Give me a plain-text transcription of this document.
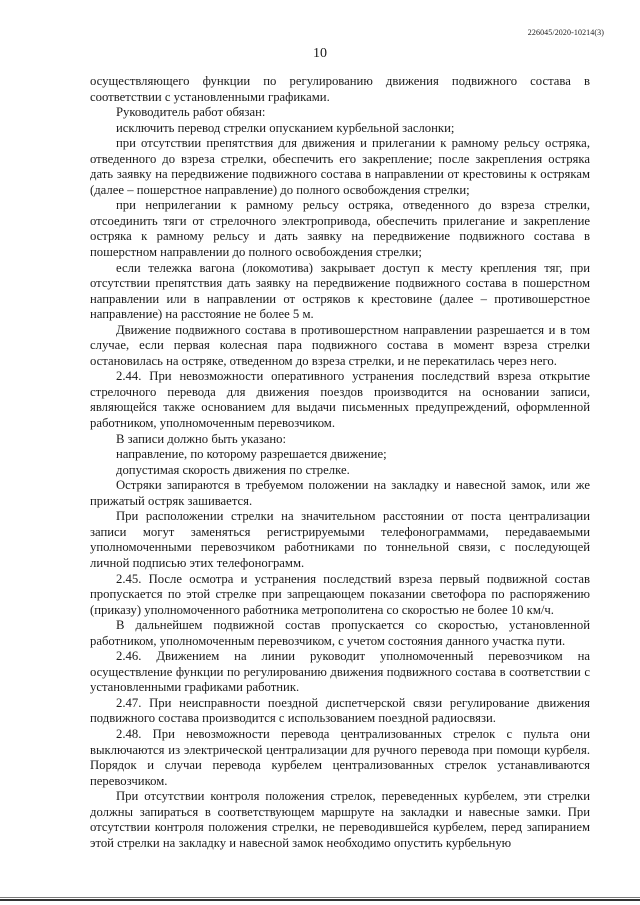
226045/2020-10214(3)
10

осуществляющего функции по регулированию движения подвижного состава в соответствии с установленными графиками.

Руководитель работ обязан:

исключить перевод стрелки опусканием курбельной заслонки;

при отсутствии препятствия для движения и прилегании к рамному рельсу остряка, отведенного до взреза стрелки, обеспечить его закрепление; после закрепления остряка дать заявку на передвижение подвижного состава в направлении от крестовины к острякам (далее – пошерстное направление) до полного освобождения стрелки;

при неприлегании к рамному рельсу остряка, отведенного до взреза стрелки, отсоединить тяги от стрелочного электропривода, обеспечить прилегание и закрепление остряка к рамному рельсу и дать заявку на передвижение подвижного состава в пошерстном направлении до полного освобождения стрелки;

если тележка вагона (локомотива) закрывает доступ к месту крепления тяг, при отсутствии препятствия дать заявку на передвижение подвижного состава в пошерстном направлении или в направлении от остряков к крестовине (далее – противошерстное направление) на расстояние не более 5 м.

Движение подвижного состава в противошерстном направлении разрешается и в том случае, если первая колесная пара подвижного состава в момент взреза стрелки остановилась на остряке, отведенном до взреза стрелки, и не перекатилась через него.

2.44. При невозможности оперативного устранения последствий взреза открытие стрелочного перевода для движения поездов производится на основании записи, являющейся также основанием для выдачи письменных предупреждений, оформленной работником, уполномоченным перевозчиком.

В записи должно быть указано:

направление, по которому разрешается движение;

допустимая скорость движения по стрелке.

Остряки запираются в требуемом положении на закладку и навесной замок, или же прижатый остряк зашивается.

При расположении стрелки на значительном расстоянии от поста централизации записи могут заменяться регистрируемыми телефонограммами, передаваемыми уполномоченными перевозчиком работниками по тоннельной связи, с последующей личной подписью этих телефонограмм.

2.45. После осмотра и устранения последствий взреза первый подвижной состав пропускается по этой стрелке при запрещающем показании светофора по распоряжению (приказу) уполномоченного работника метрополитена со скоростью не более 10 км/ч.

В дальнейшем подвижной состав пропускается со скоростью, установленной работником, уполномоченным перевозчиком, с учетом состояния данного участка пути.

2.46. Движением на линии руководит уполномоченный перевозчиком на осуществление функции по регулированию движения подвижного состава в соответствии с установленными графиками работник.

2.47. При неисправности поездной диспетчерской связи регулирование движения подвижного состава производится с использованием поездной радиосвязи.

2.48. При невозможности перевода централизованных стрелок с пульта они выключаются из электрической централизации для ручного перевода при помощи курбеля. Порядок и случаи перевода курбелем централизованных стрелок устанавливаются перевозчиком.

При отсутствии контроля положения стрелок, переведенных курбелем, эти стрелки должны запираться в соответствующем маршруте на закладки и навесные замки. При отсутствии контроля положения стрелки, не переводившейся курбелем, перед запиранием этой стрелки на закладку и навесной замок необходимо опустить курбельную
